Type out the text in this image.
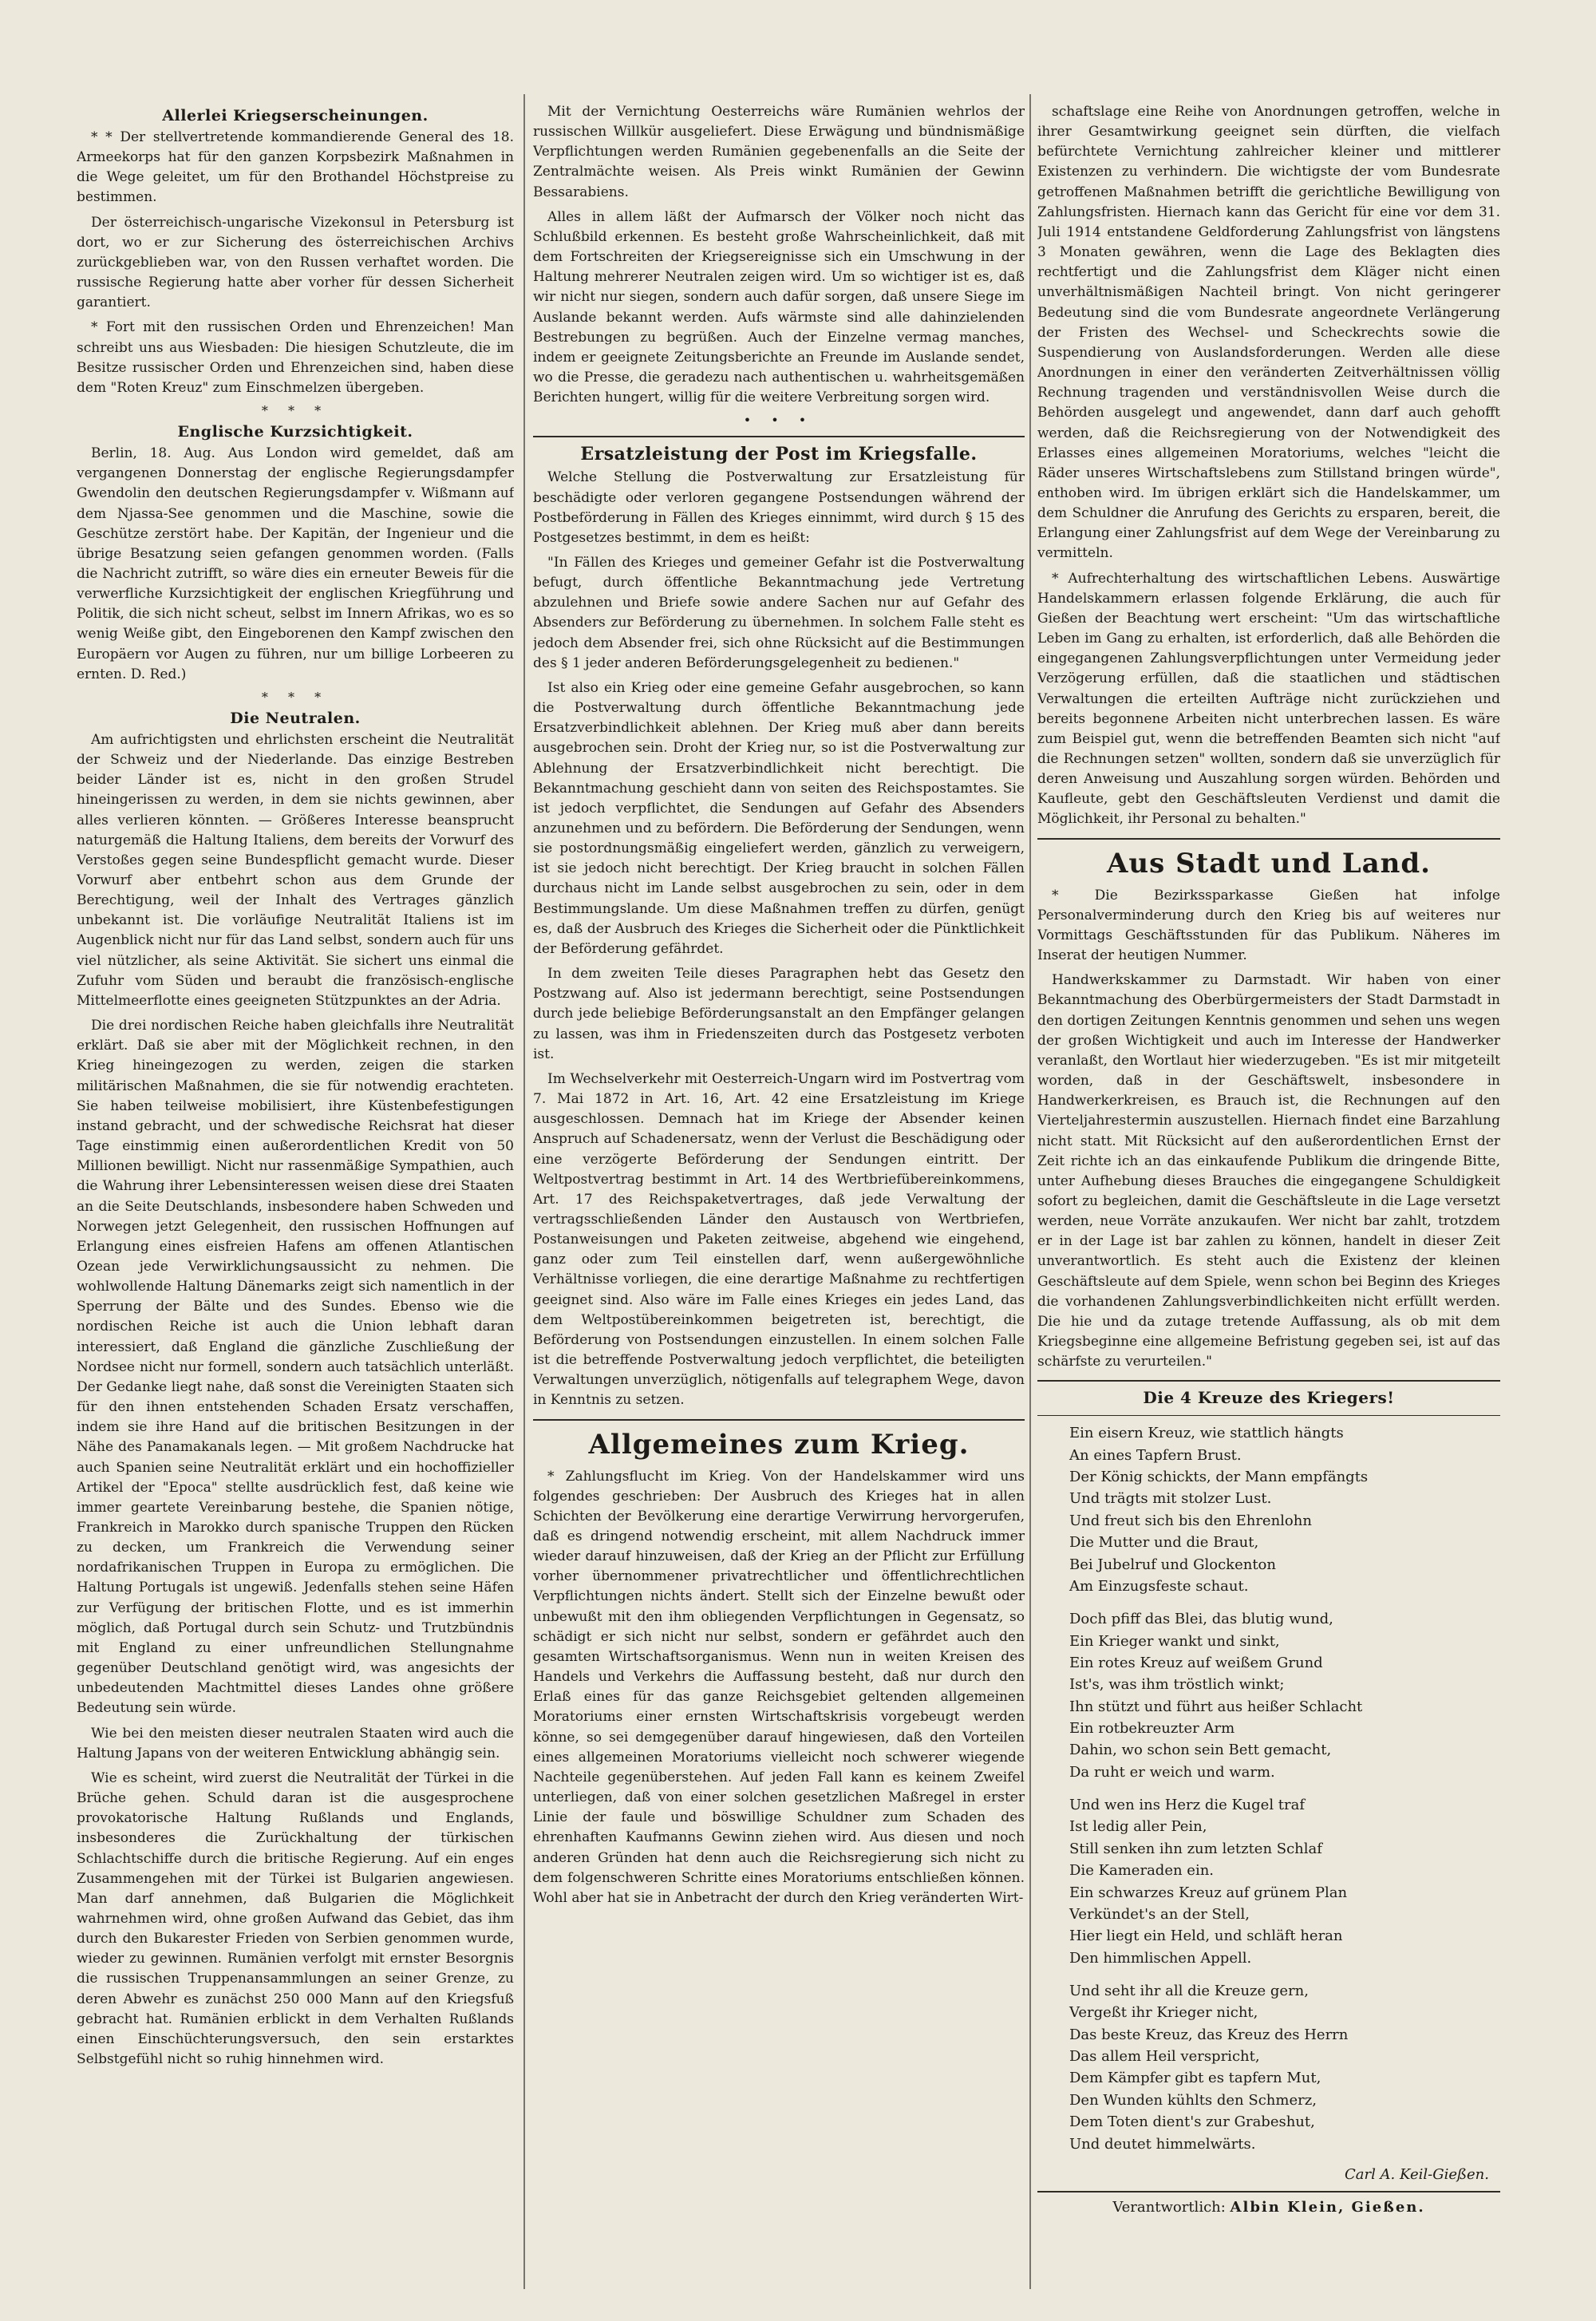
Allerlei Kriegserscheinungen.

* * Der stellvertretende kommandierende General des 18. Armeekorps hat für den ganzen Korpsbezirk Maßnahmen in die Wege geleitet, um für den Brothandel Höchstpreise zu bestimmen.

Der österreichisch-ungarische Vizekonsul in Petersburg ist dort, wo er zur Sicherung des österreichischen Archivs zurückgeblieben war, von den Russen verhaftet worden. Die russische Regierung hatte aber vorher für dessen Sicherheit garantiert.

* Fort mit den russischen Orden und Ehrenzeichen! Man schreibt uns aus Wiesbaden: Die hiesigen Schutzleute, die im Besitze russischer Orden und Ehrenzeichen sind, haben diese dem "Roten Kreuz" zum Einschmelzen übergeben.

* * *
Englische Kurzsichtigkeit.

Berlin, 18. Aug. Aus London wird gemeldet, daß am vergangenen Donnerstag der englische Regierungsdampfer Gwendolin den deutschen Regierungsdampfer v. Wißmann auf dem Njassa-See genommen und die Maschine, sowie die Geschütze zerstört habe. Der Kapitän, der Ingenieur und die übrige Besatzung seien gefangen genommen worden. (Falls die Nachricht zutrifft, so wäre dies ein erneuter Beweis für die verwerfliche Kurzsichtigkeit der englischen Kriegführung und Politik, die sich nicht scheut, selbst im Innern Afrikas, wo es so wenig Weiße gibt, den Eingeborenen den Kampf zwischen den Europäern vor Augen zu führen, nur um billige Lorbeeren zu ernten. D. Red.)

* * *
Die Neutralen.

Am aufrichtigsten und ehrlichsten erscheint die Neutralität der Schweiz und der Niederlande. Das einzige Bestreben beider Länder ist es, nicht in den großen Strudel hineingerissen zu werden, in dem sie nichts gewinnen, aber alles verlieren könnten. — Größeres Interesse beansprucht naturgemäß die Haltung Italiens, dem bereits der Vorwurf des Verstoßes gegen seine Bundespflicht gemacht wurde. Dieser Vorwurf aber entbehrt schon aus dem Grunde der Berechtigung, weil der Inhalt des Vertrages gänzlich unbekannt ist. Die vorläufige Neutralität Italiens ist im Augenblick nicht nur für das Land selbst, sondern auch für uns viel nützlicher, als seine Aktivität. Sie sichert uns einmal die Zufuhr vom Süden und beraubt die französisch-englische Mittelmeerflotte eines geeigneten Stützpunktes an der Adria.

Die drei nordischen Reiche haben gleichfalls ihre Neutralität erklärt. Daß sie aber mit der Möglichkeit rechnen, in den Krieg hineingezogen zu werden, zeigen die starken militärischen Maßnahmen, die sie für notwendig erachteten. Sie haben teilweise mobilisiert, ihre Küstenbefestigungen instand gebracht, und der schwedische Reichsrat hat dieser Tage einstimmig einen außerordentlichen Kredit von 50 Millionen bewilligt. Nicht nur rassenmäßige Sympathien, auch die Wahrung ihrer Lebensinteressen weisen diese drei Staaten an die Seite Deutschlands, insbesondere haben Schweden und Norwegen jetzt Gelegenheit, den russischen Hoffnungen auf Erlangung eines eisfreien Hafens am offenen Atlantischen Ozean jede Verwirklichungsaussicht zu nehmen. Die wohlwollende Haltung Dänemarks zeigt sich namentlich in der Sperrung der Bälte und des Sundes. Ebenso wie die nordischen Reiche ist auch die Union lebhaft daran interessiert, daß England die gänzliche Zuschließung der Nordsee nicht nur formell, sondern auch tatsächlich unterläßt. Der Gedanke liegt nahe, daß sonst die Vereinigten Staaten sich für den ihnen entstehenden Schaden Ersatz verschaffen, indem sie ihre Hand auf die britischen Besitzungen in der Nähe des Panamakanals legen. — Mit großem Nachdrucke hat auch Spanien seine Neutralität erklärt und ein hochoffizieller Artikel der "Epoca" stellte ausdrücklich fest, daß keine wie immer geartete Vereinbarung bestehe, die Spanien nötige, Frankreich in Marokko durch spanische Truppen den Rücken zu decken, um Frankreich die Verwendung seiner nordafrikanischen Truppen in Europa zu ermöglichen. Die Haltung Portugals ist ungewiß. Jedenfalls stehen seine Häfen zur Verfügung der britischen Flotte, und es ist immerhin möglich, daß Portugal durch sein Schutz- und Trutzbündnis mit England zu einer unfreundlichen Stellungnahme gegenüber Deutschland genötigt wird, was angesichts der unbedeutenden Machtmittel dieses Landes ohne größere Bedeutung sein würde.

Wie bei den meisten dieser neutralen Staaten wird auch die Haltung Japans von der weiteren Entwicklung abhängig sein.

Wie es scheint, wird zuerst die Neutralität der Türkei in die Brüche gehen. Schuld daran ist die ausgesprochene provokatorische Haltung Rußlands und Englands, insbesonderes die Zurückhaltung der türkischen Schlachtschiffe durch die britische Regierung. Auf ein enges Zusammengehen mit der Türkei ist Bulgarien angewiesen. Man darf annehmen, daß Bulgarien die Möglichkeit wahrnehmen wird, ohne großen Aufwand das Gebiet, das ihm durch den Bukarester Frieden von Serbien genommen wurde, wieder zu gewinnen. Rumänien verfolgt mit ernster Besorgnis die russischen Truppenansammlungen an seiner Grenze, zu deren Abwehr es zunächst 250 000 Mann auf den Kriegsfuß gebracht hat. Rumänien erblickt in dem Verhalten Rußlands einen Einschüchterungsversuch, den sein erstarktes Selbstgefühl nicht so ruhig hinnehmen wird.

Mit der Vernichtung Oesterreichs wäre Rumänien wehrlos der russischen Willkür ausgeliefert. Diese Erwägung und bündnismäßige Verpflichtungen werden Rumänien gegebenenfalls an die Seite der Zentralmächte weisen. Als Preis winkt Rumänien der Gewinn Bessarabiens.

Alles in allem läßt der Aufmarsch der Völker noch nicht das Schlußbild erkennen. Es besteht große Wahrscheinlichkeit, daß mit dem Fortschreiten der Kriegsereignisse sich ein Umschwung in der Haltung mehrerer Neutralen zeigen wird. Um so wichtiger ist es, daß wir nicht nur siegen, sondern auch dafür sorgen, daß unsere Siege im Auslande bekannt werden. Aufs wärmste sind alle dahinzielenden Bestrebungen zu begrüßen. Auch der Einzelne vermag manches, indem er geeignete Zeitungsberichte an Freunde im Auslande sendet, wo die Presse, die geradezu nach authentischen u. wahrheitsgemäßen Berichten hungert, willig für die weitere Verbreitung sorgen wird.

• • •
Ersatzleistung der Post im Kriegsfalle.

Welche Stellung die Postverwaltung zur Ersatzleistung für beschädigte oder verloren gegangene Postsendungen während der Postbeförderung in Fällen des Krieges einnimmt, wird durch § 15 des Postgesetzes bestimmt, in dem es heißt:

"In Fällen des Krieges und gemeiner Gefahr ist die Postverwaltung befugt, durch öffentliche Bekanntmachung jede Vertretung abzulehnen und Briefe sowie andere Sachen nur auf Gefahr des Absenders zur Beförderung zu übernehmen. In solchem Falle steht es jedoch dem Absender frei, sich ohne Rücksicht auf die Bestimmungen des § 1 jeder anderen Beförderungsgelegenheit zu bedienen."

Ist also ein Krieg oder eine gemeine Gefahr ausgebrochen, so kann die Postverwaltung durch öffentliche Bekanntmachung jede Ersatzverbindlichkeit ablehnen. Der Krieg muß aber dann bereits ausgebrochen sein. Droht der Krieg nur, so ist die Postverwaltung zur Ablehnung der Ersatzverbindlichkeit nicht berechtigt. Die Bekanntmachung geschieht dann von seiten des Reichspostamtes. Sie ist jedoch verpflichtet, die Sendungen auf Gefahr des Absenders anzunehmen und zu befördern. Die Beförderung der Sendungen, wenn sie postordnungsmäßig eingeliefert werden, gänzlich zu verweigern, ist sie jedoch nicht berechtigt. Der Krieg braucht in solchen Fällen durchaus nicht im Lande selbst ausgebrochen zu sein, oder in dem Bestimmungslande. Um diese Maßnahmen treffen zu dürfen, genügt es, daß der Ausbruch des Krieges die Sicherheit oder die Pünktlichkeit der Beförderung gefährdet.

In dem zweiten Teile dieses Paragraphen hebt das Gesetz den Postzwang auf. Also ist jedermann berechtigt, seine Postsendungen durch jede beliebige Beförderungsanstalt an den Empfänger gelangen zu lassen, was ihm in Friedenszeiten durch das Postgesetz verboten ist.

Im Wechselverkehr mit Oesterreich-Ungarn wird im Postvertrag vom 7. Mai 1872 in Art. 16, Art. 42 eine Ersatzleistung im Kriege ausgeschlossen. Demnach hat im Kriege der Absender keinen Anspruch auf Schadenersatz, wenn der Verlust die Beschädigung oder eine verzögerte Beförderung der Sendungen eintritt. Der Weltpostvertrag bestimmt in Art. 14 des Wertbriefübereinkommens, Art. 17 des Reichspaketvertrages, daß jede Verwaltung der vertragsschließenden Länder den Austausch von Wertbriefen, Postanweisungen und Paketen zeitweise, abgehend wie eingehend, ganz oder zum Teil einstellen darf, wenn außergewöhnliche Verhältnisse vorliegen, die eine derartige Maßnahme zu rechtfertigen geeignet sind. Also wäre im Falle eines Krieges ein jedes Land, das dem Weltpostübereinkommen beigetreten ist, berechtigt, die Beförderung von Postsendungen einzustellen. In einem solchen Falle ist die betreffende Postverwaltung jedoch verpflichtet, die beteiligten Verwaltungen unverzüglich, nötigenfalls auf telegraphem Wege, davon in Kenntnis zu setzen.

Allgemeines zum Krieg.

* Zahlungsflucht im Krieg. Von der Handelskammer wird uns folgendes geschrieben: Der Ausbruch des Krieges hat in allen Schichten der Bevölkerung eine derartige Verwirrung hervorgerufen, daß es dringend notwendig erscheint, mit allem Nachdruck immer wieder darauf hinzuweisen, daß der Krieg an der Pflicht zur Erfüllung vorher übernommener privatrechtlicher und öffentlichrechtlichen Verpflichtungen nichts ändert. Stellt sich der Einzelne bewußt oder unbewußt mit den ihm obliegenden Verpflichtungen in Gegensatz, so schädigt er sich nicht nur selbst, sondern er gefährdet auch den gesamten Wirtschaftsorganismus. Wenn nun in weiten Kreisen des Handels und Verkehrs die Auffassung besteht, daß nur durch den Erlaß eines für das ganze Reichsgebiet geltenden allgemeinen Moratoriums einer ernsten Wirtschaftskrisis vorgebeugt werden könne, so sei demgegenüber darauf hingewiesen, daß den Vorteilen eines allgemeinen Moratoriums vielleicht noch schwerer wiegende Nachteile gegenüberstehen. Auf jeden Fall kann es keinem Zweifel unterliegen, daß von einer solchen gesetzlichen Maßregel in erster Linie der faule und böswillige Schuldner zum Schaden des ehrenhaften Kaufmanns Gewinn ziehen wird. Aus diesen und noch anderen Gründen hat denn auch die Reichsregierung sich nicht zu dem folgenschweren Schritte eines Moratoriums entschließen können. Wohl aber hat sie in Anbetracht der durch den Krieg veränderten Wirt-

schaftslage eine Reihe von Anordnungen getroffen, welche in ihrer Gesamtwirkung geeignet sein dürften, die vielfach befürchtete Vernichtung zahlreicher kleiner und mittlerer Existenzen zu verhindern. Die wichtigste der vom Bundesrate getroffenen Maßnahmen betrifft die gerichtliche Bewilligung von Zahlungsfristen. Hiernach kann das Gericht für eine vor dem 31. Juli 1914 entstandene Geldforderung Zahlungsfrist von längstens 3 Monaten gewähren, wenn die Lage des Beklagten dies rechtfertigt und die Zahlungsfrist dem Kläger nicht einen unverhältnismäßigen Nachteil bringt. Von nicht geringerer Bedeutung sind die vom Bundesrate angeordnete Verlängerung der Fristen des Wechsel- und Scheckrechts sowie die Suspendierung von Auslandsforderungen. Werden alle diese Anordnungen in einer den veränderten Zeitverhältnissen völlig Rechnung tragenden und verständnisvollen Weise durch die Behörden ausgelegt und angewendet, dann darf auch gehofft werden, daß die Reichsregierung von der Notwendigkeit des Erlasses eines allgemeinen Moratoriums, welches "leicht die Räder unseres Wirtschaftslebens zum Stillstand bringen würde", enthoben wird. Im übrigen erklärt sich die Handelskammer, um dem Schuldner die Anrufung des Gerichts zu ersparen, bereit, die Erlangung einer Zahlungsfrist auf dem Wege der Vereinbarung zu vermitteln.

* Aufrechterhaltung des wirtschaftlichen Lebens. Auswärtige Handelskammern erlassen folgende Erklärung, die auch für Gießen der Beachtung wert erscheint: "Um das wirtschaftliche Leben im Gang zu erhalten, ist erforderlich, daß alle Behörden die eingegangenen Zahlungsverpflichtungen unter Vermeidung jeder Verzögerung erfüllen, daß die staatlichen und städtischen Verwaltungen die erteilten Aufträge nicht zurückziehen und bereits begonnene Arbeiten nicht unterbrechen lassen. Es wäre zum Beispiel gut, wenn die betreffenden Beamten sich nicht "auf die Rechnungen setzen" wollten, sondern daß sie unverzüglich für deren Anweisung und Auszahlung sorgen würden. Behörden und Kaufleute, gebt den Geschäftsleuten Verdienst und damit die Möglichkeit, ihr Personal zu behalten."

Aus Stadt und Land.

* Die Bezirkssparkasse Gießen hat infolge Personalverminderung durch den Krieg bis auf weiteres nur Vormittags Geschäftsstunden für das Publikum. Näheres im Inserat der heutigen Nummer.

Handwerkskammer zu Darmstadt. Wir haben von einer Bekanntmachung des Oberbürgermeisters der Stadt Darmstadt in den dortigen Zeitungen Kenntnis genommen und sehen uns wegen der großen Wichtigkeit und auch im Interesse der Handwerker veranlaßt, den Wortlaut hier wiederzugeben. "Es ist mir mitgeteilt worden, daß in der Geschäftswelt, insbesondere in Handwerkerkreisen, es Brauch ist, die Rechnungen auf den Vierteljahrestermin auszustellen. Hiernach findet eine Barzahlung nicht statt. Mit Rücksicht auf den außerordentlichen Ernst der Zeit richte ich an das einkaufende Publikum die dringende Bitte, unter Aufhebung dieses Brauches die eingegangene Schuldigkeit sofort zu begleichen, damit die Geschäftsleute in die Lage versetzt werden, neue Vorräte anzukaufen. Wer nicht bar zahlt, trotzdem er in der Lage ist bar zahlen zu können, handelt in dieser Zeit unverantwortlich. Es steht auch die Existenz der kleinen Geschäftsleute auf dem Spiele, wenn schon bei Beginn des Krieges die vorhandenen Zahlungsverbindlichkeiten nicht erfüllt werden. Die hie und da zutage tretende Auffassung, als ob mit dem Kriegsbeginne eine allgemeine Befristung gegeben sei, ist auf das schärfste zu verurteilen."

Die 4 Kreuze des Kriegers!
Ein eisern Kreuz, wie stattlich hängts
An eines Tapfern Brust.
Der König schickts, der Mann empfängts
Und trägts mit stolzer Lust.
Und freut sich bis den Ehrenlohn
Die Mutter und die Braut,
Bei Jubelruf und Glockenton
Am Einzugsfeste schaut.
Doch pfiff das Blei, das blutig wund,
Ein Krieger wankt und sinkt,
Ein rotes Kreuz auf weißem Grund
Ist's, was ihm tröstlich winkt;
Ihn stützt und führt aus heißer Schlacht
Ein rotbekreuzter Arm
Dahin, wo schon sein Bett gemacht,
Da ruht er weich und warm.
Und wen ins Herz die Kugel traf
Ist ledig aller Pein,
Still senken ihn zum letzten Schlaf
Die Kameraden ein.
Ein schwarzes Kreuz auf grünem Plan
Verkündet's an der Stell,
Hier liegt ein Held, und schläft heran
Den himmlischen Appell.
Und seht ihr all die Kreuze gern,
Vergeßt ihr Krieger nicht,
Das beste Kreuz, das Kreuz des Herrn
Das allem Heil verspricht,
Dem Kämpfer gibt es tapfern Mut,
Den Wunden kühlts den Schmerz,
Dem Toten dient's zur Grabeshut,
Und deutet himmelwärts.
Carl A. Keil-Gießen.
Verantwortlich: Albin Klein, Gießen.
